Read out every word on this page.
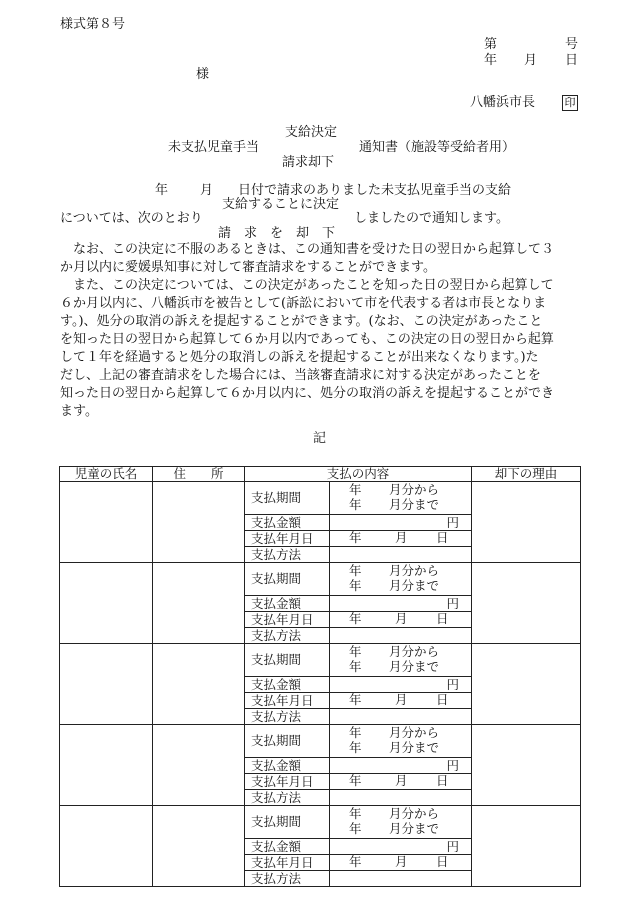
様式第８号
第	号
年 月 日
様
八幡浜市長	印
支給決定
未支払児童手当	通知書（施設等受給者用）
請求却下
年 月 日付で請求のありました未支払児童手当の支給
支給することに決定
については、次のとおり	しましたので通知します。
請　求　を　却　下
なお、この決定に不服のあるときは、この通知書を受けた日の翌日から起算して３
か月以内に愛媛県知事に対して審査請求をすることができます。
また、この決定については、この決定があったことを知った日の翌日から起算して
６か月以内に、八幡浜市を被告として(訴訟において市を代表する者は市長となりま
す。)、処分の取消の訴えを提起することができます。(なお、この決定があったこと
を知った日の翌日から起算して６か月以内であっても、この決定の日の翌日から起算
して１年を経過すると処分の取消しの訴えを提起することが出来なくなります。)た
だし、上記の審査請求をした場合には、当該審査請求に対する決定があったことを
知った日の翌日から起算して６か月以内に、処分の取消の訴えを提起することができ
ます。
記
児童の氏名	住　　所	支払の内容		却下の理由
		支払期間	年 月分から
年 月分まで	

		支払金額	円	
		支払年月日	年 月 日	

		支払方法		
		支払期間	年 月分から
年 月分まで	

		支払金額	円	
		支払年月日	年 月 日	

		支払方法		
		支払期間	年 月分から
年 月分まで	

		支払金額	円	
		支払年月日	年 月 日	

		支払方法		
		支払期間	年 月分から
年 月分まで	

		支払金額	円	
		支払年月日	年 月 日	

		支払方法		
		支払期間	年 月分から
年 月分まで	

		支払金額	円	
		支払年月日	年 月 日	

		支払方法		
